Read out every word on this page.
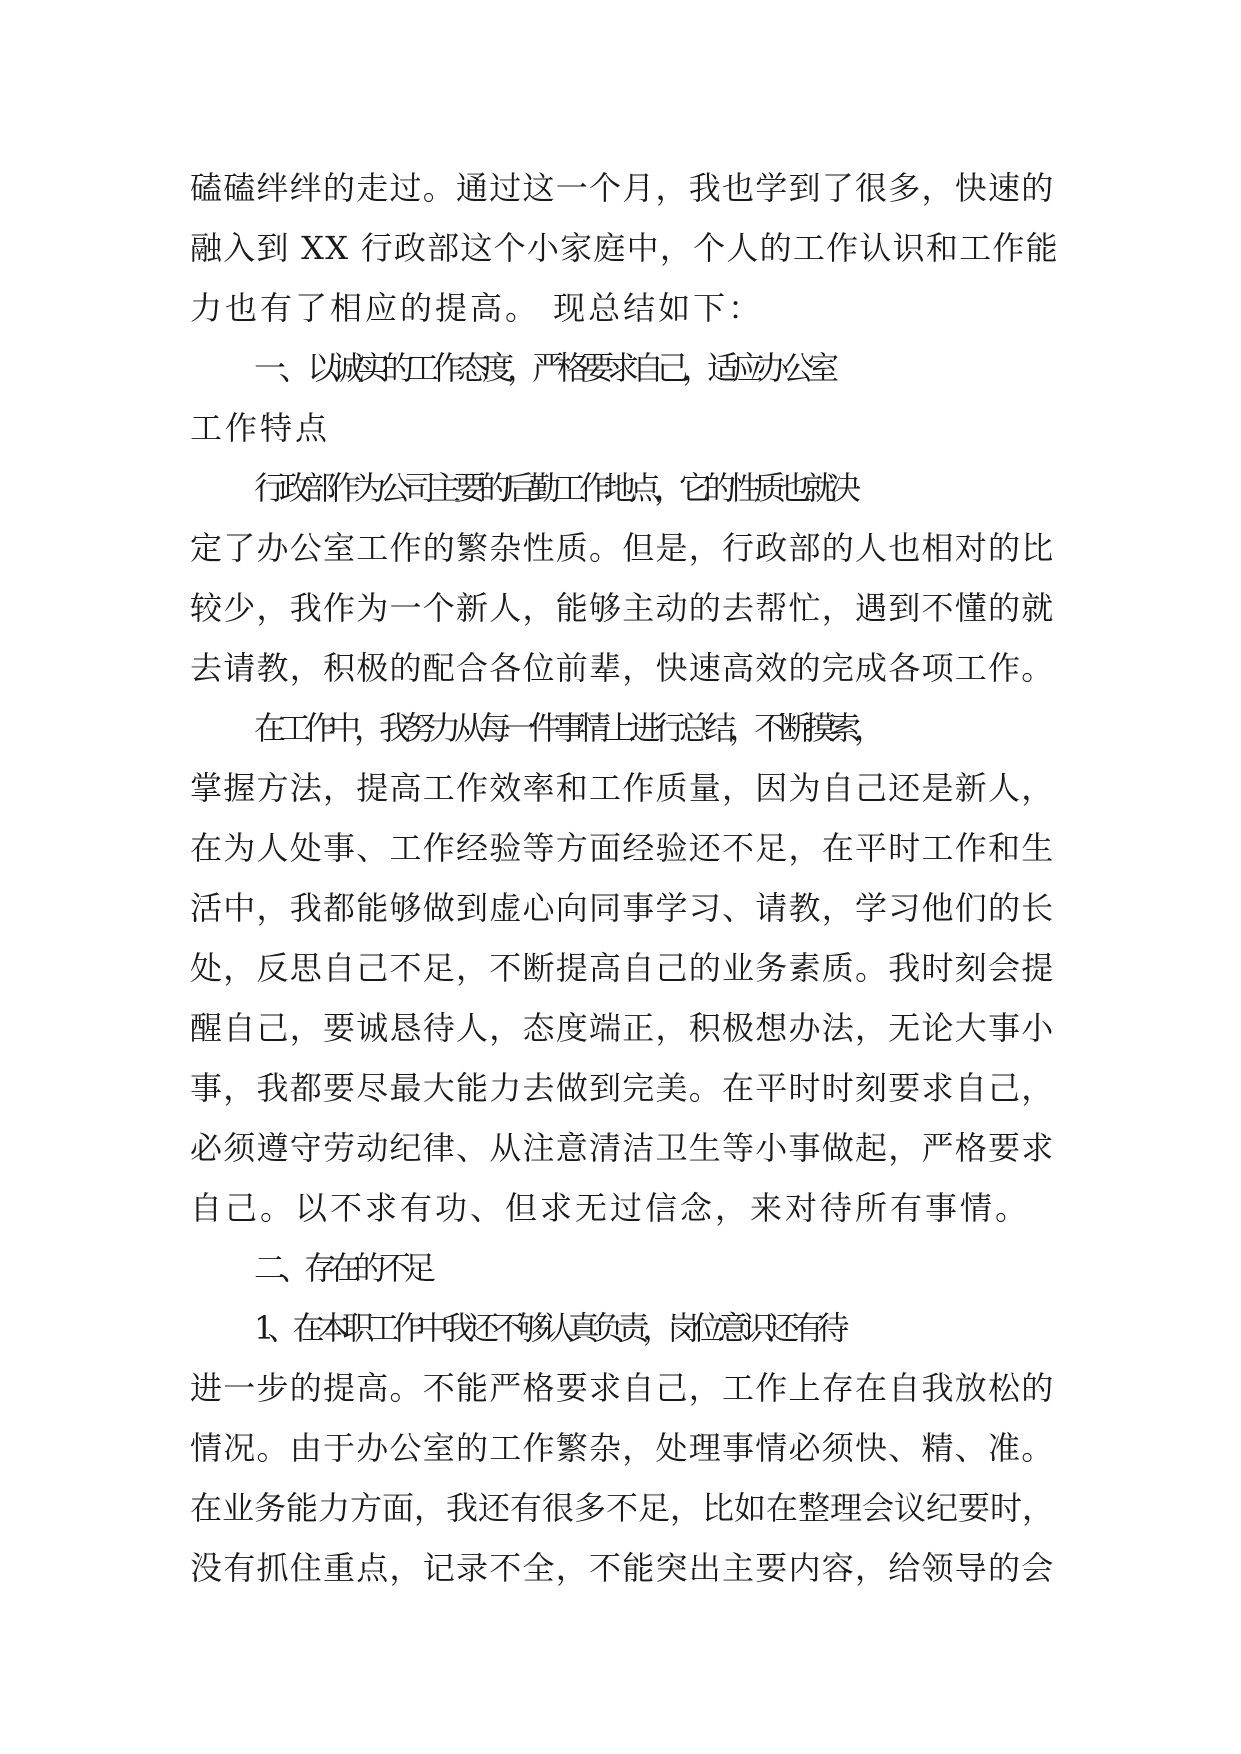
磕磕绊绊的走过。通过这一个月，我也学到了很多，快速的
融入到 XX 行政部这个小家庭中，个人的工作认识和工作能
力也有了相应的提高。 现总结如下：
一、 以诚实的工作态度，严格要求自己，适应办公室
工作特点
行政部作为公司主要的后勤工作地点，它的性质也就决
定了办公室工作的繁杂性质。但是，行政部的人也相对的比
较少，我作为一个新人，能够主动的去帮忙，遇到不懂的就
去请教，积极的配合各位前辈，快速高效的完成各项工作。
在工作中，我努力从每一件事情上进行总结，不断摸索，
掌握方法，提高工作效率和工作质量，因为自己还是新人，
在为人处事、工作经验等方面经验还不足，在平时工作和生
活中，我都能够做到虚心向同事学习、请教，学习他们的长
处，反思自己不足，不断提高自己的业务素质。我时刻会提
醒自己，要诚恳待人，态度端正，积极想办法，无论大事小
事，我都要尽最大能力去做到完美。在平时时刻要求自己，
必须遵守劳动纪律、从注意清洁卫生等小事做起，严格要求
自己。以不求有功、但求无过信念，来对待所有事情。
二、存在的不足
1、在本职工作中我还不够认真负责，岗位意识还有待
进一步的提高。不能严格要求自己，工作上存在自我放松的
情况。由于办公室的工作繁杂，处理事情必须快、精、准。
在业务能力方面，我还有很多不足，比如在整理会议纪要时，
没有抓住重点，记录不全，不能突出主要内容，给领导的会
